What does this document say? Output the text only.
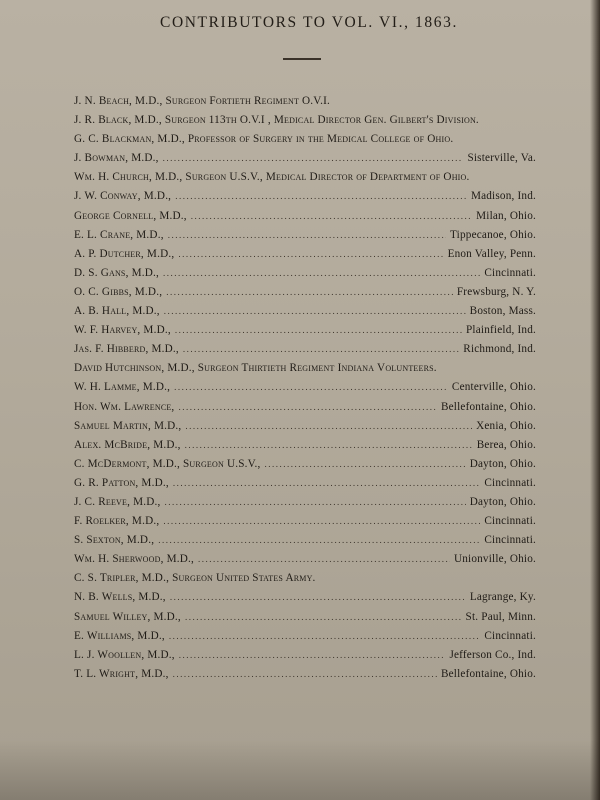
CONTRIBUTORS TO VOL. VI., 1863.
J. N. Beach, M.D., Surgeon Fortieth Regiment O.V.I.
J. R. Black, M.D., Surgeon 113th O.V.I , Medical Director Gen. Gilbert's Division.
G. C. Blackman, M.D., Professor of Surgery in the Medical College of Ohio.
J. Bowman, M.D., .....	Sisterville, Va.
Wm. H. Church, M.D., Surgeon U.S.V., Medical Director of Department of Ohio.
J. W. Conway, M.D., .....	Madison, Ind.
George Cornell, M.D., .....	Milan, Ohio.
E. L. Crane, M.D., .....	Tippecanoe, Ohio.
A. P. Dutcher, M.D., .....	Enon Valley, Penn.
D. S. Gans, M.D., .....	Cincinnati.
O. C. Gibbs, M.D., .....	Frewsburg, N. Y.
A. B. Hall, M.D., .....	Boston, Mass.
W. F. Harvey, M.D., .....	Plainfield, Ind.
Jas. F. Hibberd, M.D., .....	Richmond, Ind.
David Hutchinson, M.D., Surgeon Thirtieth Regiment Indiana Volunteers.
W. H. Lamme, M.D., .....	Centerville, Ohio.
Hon. Wm. Lawrence, .....	Bellefontaine, Ohio.
Samuel Martin, M.D., .....	Xenia, Ohio.
Alex. McBride, M.D., .....	Berea, Ohio.
C. McDermont, M.D., Surgeon U.S.V., .....	Dayton, Ohio.
G. R. Patton, M.D., .....	Cincinnati.
J. C. Reeve, M.D., .....	Dayton, Ohio.
F. Roelker, M.D., .....	Cincinnati.
S. Sexton, M.D., .....	Cincinnati.
Wm. H. Sherwood, M.D., .....	Unionville, Ohio.
C. S. Tripler, M.D., Surgeon United States Army.
N. B. Wells, M.D., .....	Lagrange, Ky.
Samuel Willey, M.D., .....	St. Paul, Minn.
E. Williams, M.D., .....	Cincinnati.
L. J. Woollen, M.D., .....	Jefferson Co., Ind.
T. L. Wright, M.D., .....	Bellefontaine, Ohio.
